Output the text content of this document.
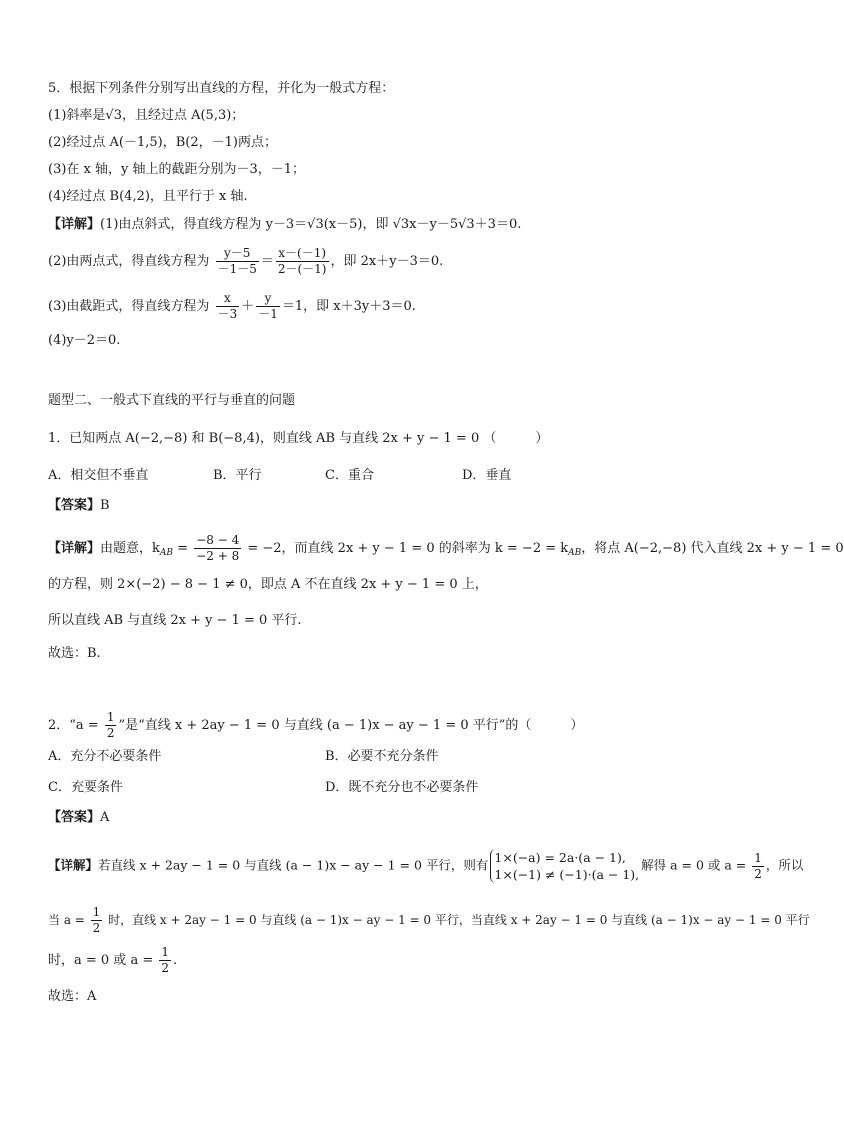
5．根据下列条件分别写出直线的方程，并化为一般式方程：
(1)斜率是√3，且经过点 A(5,3)；
(2)经过点 A(－1,5)，B(2，－1)两点；
(3)在 x 轴，y 轴上的截距分别为－3，－1；
(4)经过点 B(4,2)，且平行于 x 轴.
【详解】(1)由点斜式，得直线方程为 y－3＝√3(x－5)，即 √3x－y－5√3＋3＝0.
(2)由两点式，得直线方程为 $\frac{y-5}{-1-5} = \frac{x-(-1)}{2-(-1)}$ ，即 2x＋y－3＝0.
(3)由截距式，得直线方程为 $\frac{x}{-3} + \frac{y}{-1} =1$，即 x＋3y＋3＝0.
(4)y－2＝0.
题型二、一般式下直线的平行与垂直的问题
1．已知两点 A(−2,−8) 和 B(−8,4)，则直线 AB 与直线 2x + y − 1 = 0 （　　　）
A．相交但不垂直	B．平行	C．重合	D．垂直
【答案】B
【详解】由题意，$k_{AB} = \frac{-8 - 4}{-2 + 8} = -2$，而直线 2x + y − 1 = 0 的斜率为 $k = -2 = k_{AB}$，将点 A(−2,−8) 代入直线 2x + y − 1 = 0
的方程，则 2×(−2) − 8 − 1 ≠ 0，即点 A 不在直线 2x + y − 1 = 0 上，
所以直线 AB 与直线 2x + y − 1 = 0 平行.
故选：B.
2．“$a = \frac{1}{2}$ ”是“直线 x + 2ay − 1 = 0 与直线 (a − 1)x − ay − 1 = 0 平行”的（　　　）
A．充分不必要条件	B．必要不充分条件
C．充要条件	D．既不充分也不必要条件
【答案】A
【详解】若直线 x + 2ay − 1 = 0 与直线 (a − 1)x − ay − 1 = 0 平行，则有 1×(−a) = 2a·(a − 1),
1×(−1) ≠ (−1)·(a − 1),
解得 a = 0 或 $a = \frac{1}{2}$ ，所以
当 $a = \frac{1}{2}$ 时，直线 x + 2ay − 1 = 0 与直线 (a − 1)x − ay − 1 = 0 平行，当直线 x + 2ay − 1 = 0 与直线 (a − 1)x − ay − 1 = 0 平行
时，a = 0 或 $a = \frac{1}{2}$ .
故选：A
